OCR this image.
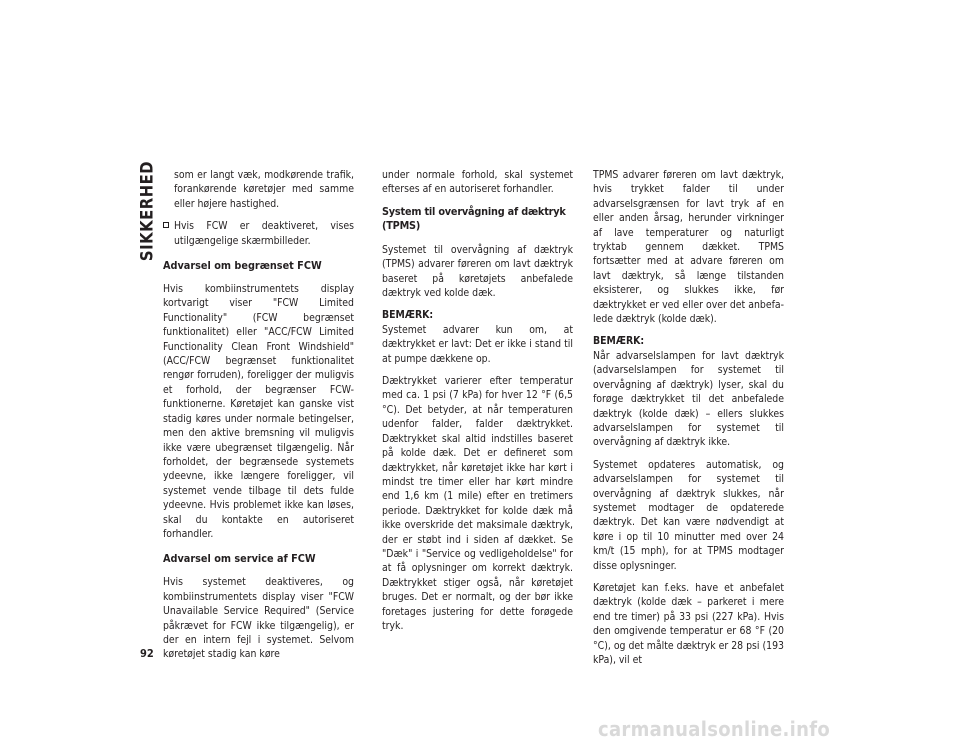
SIKKERHED	som er langt væk, modkørende trafik, forankørende køretøjer med samme eller højere hastighed.

Hvis FCW er deaktiveret, vises utilgængelige skærmbilleder.
Advarsel om begrænset FCW

Hvis kombiinstrumentets display kortvarigt viser "FCW Limited Functionality" (FCW begrænset funktionalitet) eller "ACC/FCW Limited Functionality Clean Front Windshield" (ACC/FCW begrænset funktionalitet rengør forruden), foreligger der muligvis et forhold, der begrænser FCW-funktionerne. Køretøjet kan ganske vist stadig køres under normale betingelser, men den aktive bremsning vil muligvis ikke være ubegrænset tilgængelig. Når forholdet, der begrænsede systemets ydeevne, ikke længere foreligger, vil systemet vende tilbage til dets fulde ydeevne. Hvis problemet ikke kan løses, skal du kontakte en autoriseret forhandler.

Advarsel om service af FCW

Hvis systemet deaktiveres, og kombiinstrumentets display viser "FCW Unavailable Service Required" (Service påkrævet for FCW ikke tilgængelig), er der en intern fejl i systemet. Selvom køretøjet stadig kan køre

under normale forhold, skal systemet efterses af en autoriseret forhandler.

System til overvågning af dæktryk (TPMS)

Systemet til overvågning af dæktryk (TPMS) advarer føreren om lavt dæktryk baseret på køretøjets anbefalede dæktryk ved kolde dæk.

BEMÆRK:
Systemet advarer kun om, at dæktrykket er lavt: Det er ikke i stand til at pumpe dækkene op.

Dæktrykket varierer efter temperatur med ca. 1 psi (7 kPa) for hver 12 °F (6,5 °C). Det betyder, at når temperaturen udenfor falder, falder dæktrykket. Dæktrykket skal altid indstilles baseret på kolde dæk. Det er defineret som dæktrykket, når køretøjet ikke har kørt i mindst tre timer eller har kørt mindre end 1,6 km (1 mile) efter en tretimers periode. Dæktrykket for kolde dæk må ikke overskride det maksimale dæktryk, der er støbt ind i siden af dækket. Se "Dæk" i "Service og vedligeholdelse" for at få oplysninger om korrekt dæktryk. Dæktrykket stiger også, når køretøjet bruges. Det er normalt, og der bør ikke foretages justering for dette forøgede tryk.

TPMS advarer føreren om lavt dæktryk, hvis trykket falder til under advarselsgrænsen for lavt tryk af en eller anden årsag, herunder virkninger af lave temperaturer og naturligt tryktab gennem dækket. TPMS fortsætter med at advare føreren om lavt dæktryk, så længe tilstanden eksisterer, og slukkes ikke, før dæktrykket er ved eller over det anbefalede dæktryk (kolde dæk).

BEMÆRK:
Når advarselslampen for lavt dæktryk (advarselslampen for systemet til overvågning af dæktryk) lyser, skal du forøge dæktrykket til det anbefalede dæktryk (kolde dæk) – ellers slukkes advarselslampen for systemet til overvågning af dæktryk ikke.

Systemet opdateres automatisk, og advarselslampen for systemet til overvågning af dæktryk slukkes, når systemet modtager de opdaterede dæktryk. Det kan være nødvendigt at køre i op til 10 minutter med over 24 km/t (15 mph), for at TPMS modtager disse oplysninger.

Køretøjet kan f.eks. have et anbefalet dæktryk (kolde dæk – parkeret i mere end tre timer) på 33 psi (227 kPa). Hvis den omgivende temperatur er 68 °F (20 °C), og det målte dæktryk er 28 psi (193 kPa), vil et

92
carmanualsonline.info
